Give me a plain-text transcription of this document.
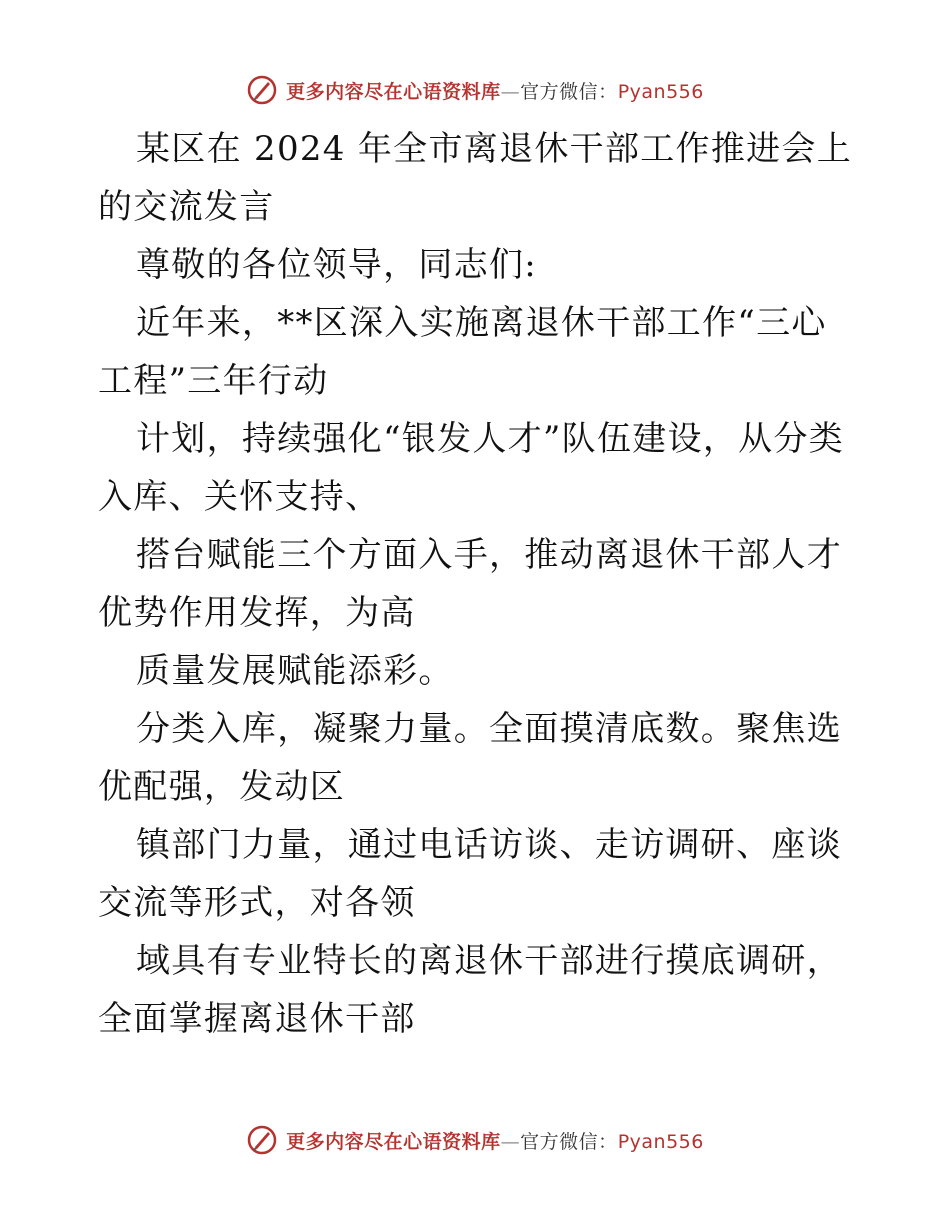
更多内容尽在心语资料库—官方微信：Pyan556

某区在 2024 年全市离退休干部工作推进会上的交流发言

尊敬的各位领导，同志们:

近年来，**区深入实施离退休干部工作“三心工程”三年行动

计划，持续强化“银发人才”队伍建设，从分类入库、关怀支持、

搭台赋能三个方面入手，推动离退休干部人才优势作用发挥，为高

质量发展赋能添彩。

分类入库，凝聚力量。全面摸清底数。聚焦选优配强，发动区

镇部门力量，通过电话访谈、走访调研、座谈交流等形式，对各领

域具有专业特长的离退休干部进行摸底调研，全面掌握离退休干部

更多内容尽在心语资料库—官方微信：Pyan556
